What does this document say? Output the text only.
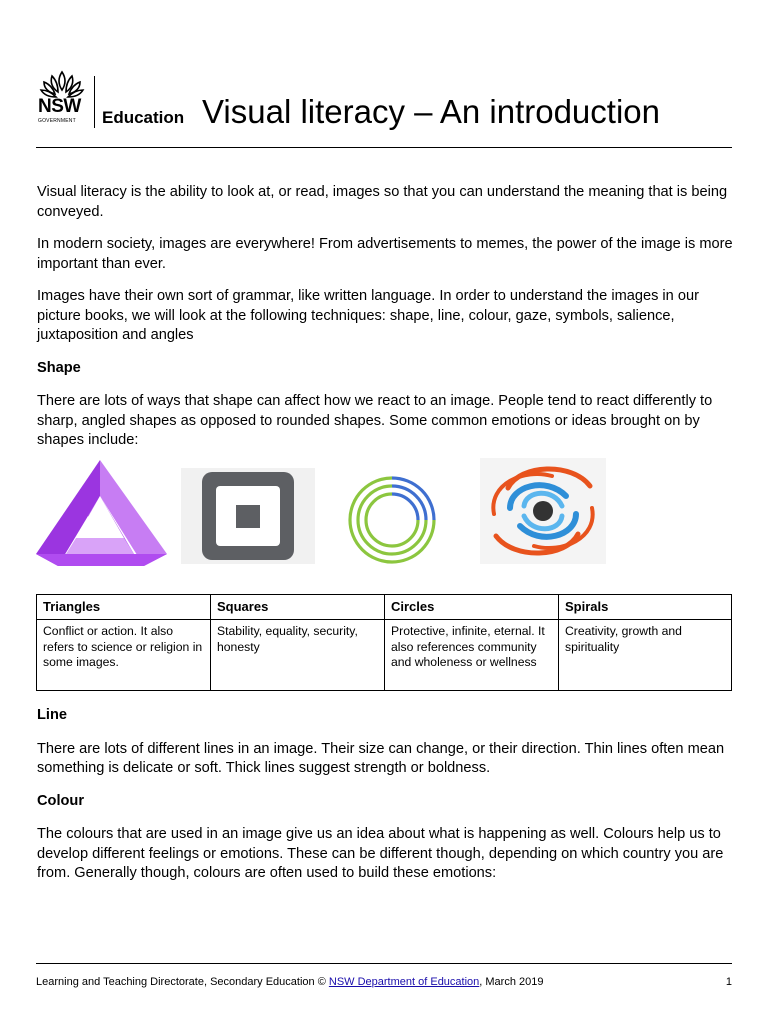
NSW
GOVERNMENT Education Visual literacy – An introduction

Visual literacy is the ability to look at, or read, images so that you can understand the meaning that is being conveyed.

In modern society, images are everywhere! From advertisements to memes, the power of the image is more important than ever.

Images have their own sort of grammar, like written language. In order to understand the images in our picture books, we will look at the following techniques: shape, line, colour, gaze, symbols, salience, juxtaposition and angles

Shape

There are lots of ways that shape can affect how we react to an image. People tend to react differently to sharp, angled shapes as opposed to rounded shapes. Some common emotions or ideas brought on by shapes include:

Triangles	Squares	Circles	Spirals
Conflict or action. It also refers to science or religion in some images.	Stability, equality, security, honesty	Protective, infinite, eternal. It also references community and wholeness or wellness	Creativity, growth and spirituality

Line

There are lots of different lines in an image. Their size can change, or their direction. Thin lines often mean something is delicate or soft. Thick lines suggest strength or boldness.

Colour

The colours that are used in an image give us an idea about what is happening as well. Colours help us to develop different feelings or emotions. These can be different though, depending on which country you are from. Generally though, colours are often used to build these emotions:

Learning and Teaching Directorate, Secondary Education © NSW Department of Education, March 2019	1
